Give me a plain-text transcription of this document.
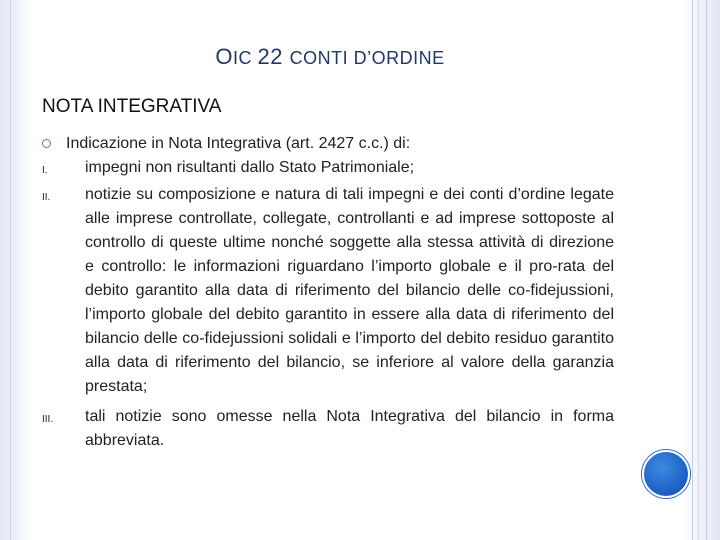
OIC 22 CONTI D’ORDINE
NOTA INTEGRATIVA
Indicazione in Nota Integrativa (art. 2427 c.c.) di:
I.	impegni non risultanti dallo Stato Patrimoniale;
II.	notizie su composizione e natura di tali impegni e dei conti d’ordine legate alle imprese controllate, collegate, controllanti e ad imprese sottoposte al controllo di queste ultime nonché soggette alla stessa attività di direzione e controllo: le informazioni riguardano l’importo globale e il pro-rata del debito garantito alla data di riferimento del bilancio delle co-fidejussioni, l’importo globale del debito garantito in essere alla data di riferimento del bilancio delle co-fidejussioni solidali e l’importo del debito residuo garantito alla data di riferimento del bilancio, se inferiore al valore della garanzia prestata;
III.	tali notizie sono omesse nella Nota Integrativa del bilancio in forma abbreviata.
